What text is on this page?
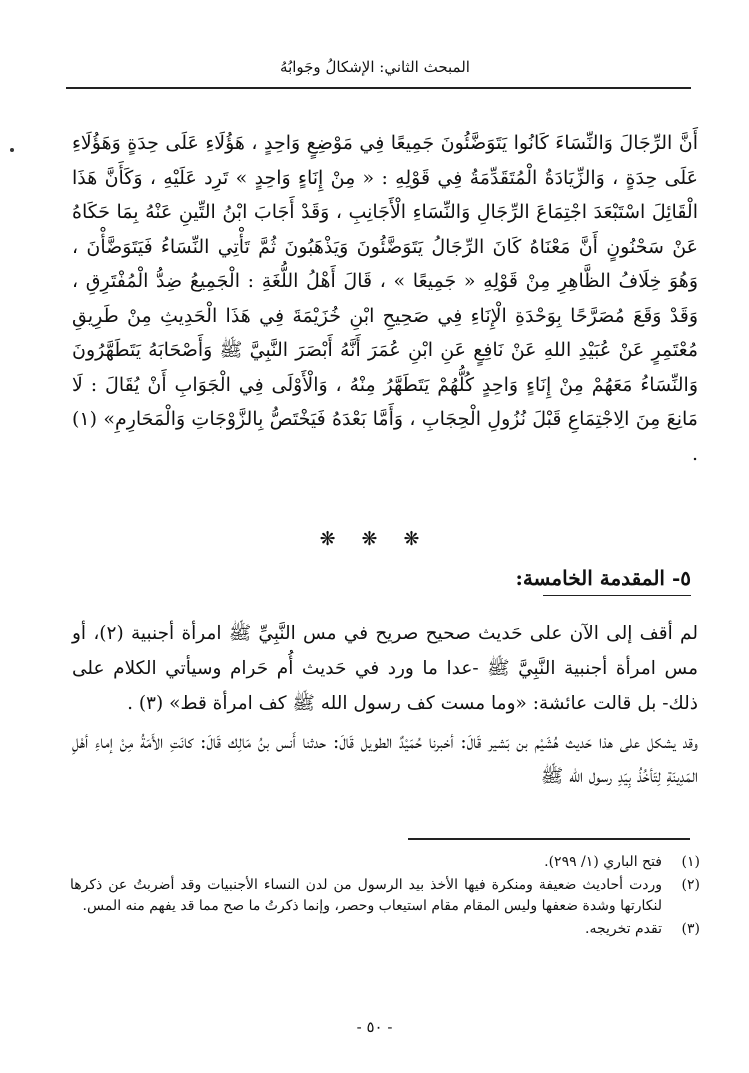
المبحث الثاني: الإشكالُ وجَوابُهُ
أَنَّ الرِّجَالَ وَالنِّسَاءَ كَانُوا يَتَوَضَّئُونَ جَمِيعًا فِي مَوْضِعٍ وَاحِدٍ ، هَؤُلَاءِ عَلَى حِدَةٍ وَهَؤُلَاءِ عَلَى حِدَةٍ ، وَالزِّيَادَةُ الْمُتَقَدِّمَةُ فِي قَوْلِهِ : « مِنْ إِنَاءٍ وَاحِدٍ » تَرِد عَلَيْهِ ، وَكَأَنَّ هَذَا الْقَائِلَ اسْتَبْعَدَ اجْتِمَاعَ الرِّجَالِ وَالنِّسَاءِ الْأَجَانِبِ ، وَقَدْ أَجَابَ ابْنُ التِّينِ عَنْهُ بِمَا حَكَاهُ عَنْ سَحْنُونٍ أَنَّ مَعْنَاهُ كَانَ الرِّجَالُ يَتَوَضَّئُونَ وَيَذْهَبُونَ ثُمَّ تَأْتِي النِّسَاءُ فَيَتَوَضَّأْنَ ، وَهُوَ خِلَافُ الظَّاهِرِ مِنْ قَوْلِهِ « جَمِيعًا » ، قَالَ أَهْلُ اللُّغَةِ : الْجَمِيعُ ضِدُّ الْمُفْتَرِقِ ، وَقَدْ وَقَعَ مُصَرَّحًا بِوَحْدَةِ الْإِنَاءِ فِي صَحِيحِ ابْنِ خُزَيْمَةَ فِي هَذَا الْحَدِيثِ مِنْ طَرِيقِ مُعْتَمِرٍ عَنْ عُبَيْدِ اللهِ عَنْ نَافِعٍ عَنِ ابْنِ عُمَرَ أَنَّهُ أَبْصَرَ النَّبِيَّ ﷺ وَأَصْحَابَهُ يَتَطَهَّرُونَ وَالنِّسَاءُ مَعَهُمْ مِنْ إِنَاءٍ وَاحِدٍ كُلُّهُمْ يَتَطَهَّرُ مِنْهُ ، وَالْأَوْلَى فِي الْجَوَابِ أَنْ يُقَالَ : لَا مَانِعَ مِنَ الِاجْتِمَاعِ قَبْلَ نُزُولِ الْحِجَابِ ، وَأَمَّا بَعْدَهُ فَيَخْتَصُّ بِالزَّوْجَاتِ وَالْمَحَارِمِ» (١) .
❋ ❋ ❋
٥- المقدمة الخامسة:
لم أقف إلى الآن على حَديث صحيح صريح في مس النَّبِيِّ ﷺ امرأة أجنبية (٢)، أو مس امرأة أجنبية النَّبِيَّ ﷺ -عدا ما ورد في حَديث أُم حَرام وسيأتي الكلام على ذلك- بل قالت عائشة: «وما مست كف رسول الله ﷺ كف امرأة قط» (٣) .
وقد يشكل على هذا حَديث هُشَيْم بن بَشير قَالَ: أخبرنا حُمَيْدٌ الطويل قَالَ: حدثنا أَنس بنُ مَالِك قَالَ: كانَتِ الأَمَةُ مِنْ إماءِ أهْلِ المَدِينَةِ لِتَأخُذُ بِيَدِ رسول الله ﷺ
(١)
فتح الباري (١/ ٢٩٩).
(٢)
وردت أحاديث ضعيفة ومنكرة فيها الأخذ بيد الرسول من لدن النساء الأجنبيات وقد أضربتُ عن ذكرها لنكارتها وشدة ضعفها وليس المقام مقام استيعاب وحصر، وإنما ذكرتُ ما صح مما قد يفهم منه المس.
(٣)
تقدم تخريجه.
- ٥٠ -
